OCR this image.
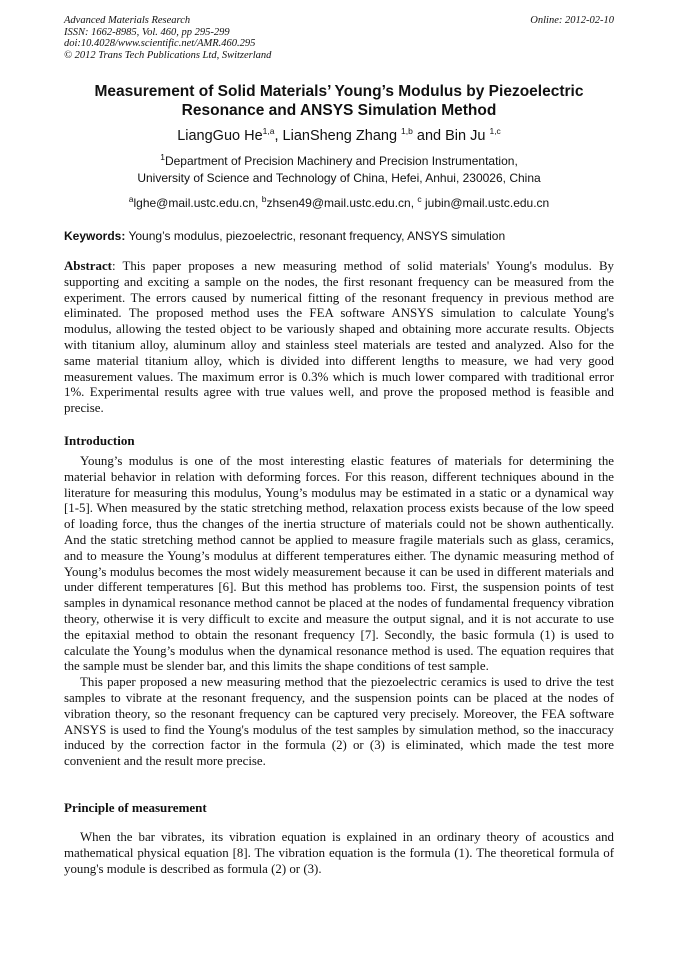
Advanced Materials Research
ISSN: 1662-8985, Vol. 460, pp 295-299
doi:10.4028/www.scientific.net/AMR.460.295
© 2012 Trans Tech Publications Ltd, Switzerland
Online: 2012-02-10
Measurement of Solid Materials’ Young’s Modulus by Piezoelectric
Resonance and ANSYS Simulation Method
LiangGuo He$^{1,a}$, LianSheng Zhang $^{1,b}$ and Bin Ju $^{1,c}$
$^1$Department of Precision Machinery and Precision Instrumentation,
University of Science and Technology of China, Hefei, Anhui, 230026, China
$^a$lghe@mail.ustc.edu.cn, $^b$zhsen49@mail.ustc.edu.cn, $^c$ jubin@mail.ustc.edu.cn
Keywords: Young’s modulus, piezoelectric, resonant frequency, ANSYS simulation
Abstract: This paper proposes a new measuring method of solid materials' Young's modulus. By supporting and exciting a sample on the nodes, the first resonant frequency can be measured from the experiment. The errors caused by numerical fitting of the resonant frequency in previous method are eliminated. The proposed method uses the FEA software ANSYS simulation to calculate Young's modulus, allowing the tested object to be variously shaped and obtaining more accurate results. Objects with titanium alloy, aluminum alloy and stainless steel materials are tested and analyzed. Also for the same material titanium alloy, which is divided into different lengths to measure, we had very good measurement values. The maximum error is 0.3% which is much lower compared with traditional error 1%. Experimental results agree with true values well, and prove the proposed method is feasible and precise.
Introduction

Young’s modulus is one of the most interesting elastic features of materials for determining the material behavior in relation with deforming forces. For this reason, different techniques abound in the literature for measuring this modulus, Young’s modulus may be estimated in a static or a dynamical way [1-5]. When measured by the static stretching method, relaxation process exists because of the low speed of loading force, thus the changes of the inertia structure of materials could not be shown authentically. And the static stretching method cannot be applied to measure fragile materials such as glass, ceramics, and to measure the Young’s modulus at different temperatures either. The dynamic measuring method of Young’s modulus becomes the most widely measurement because it can be used in different materials and under different temperatures [6]. But this method has problems too. First, the suspension points of test samples in dynamical resonance method cannot be placed at the nodes of fundamental frequency vibration theory, otherwise it is very difficult to excite and measure the output signal, and it is not accurate to use the epitaxial method to obtain the resonant frequency [7]. Secondly, the basic formula (1) is used to calculate the Young’s modulus when the dynamical resonance method is used. The equation requires that the sample must be slender bar, and this limits the shape conditions of test sample.

This paper proposed a new measuring method that the piezoelectric ceramics is used to drive the test samples to vibrate at the resonant frequency, and the suspension points can be placed at the nodes of vibration theory, so the resonant frequency can be captured very precisely. Moreover, the FEA software ANSYS is used to find the Young's modulus of the test samples by simulation method, so the inaccuracy induced by the correction factor in the formula (2) or (3) is eliminated, which made the test more convenient and the result more precise.

Principle of measurement

When the bar vibrates, its vibration equation is explained in an ordinary theory of acoustics and mathematical physical equation [8]. The vibration equation is the formula (1). The theoretical formula of young's module is described as formula (2) or (3).
